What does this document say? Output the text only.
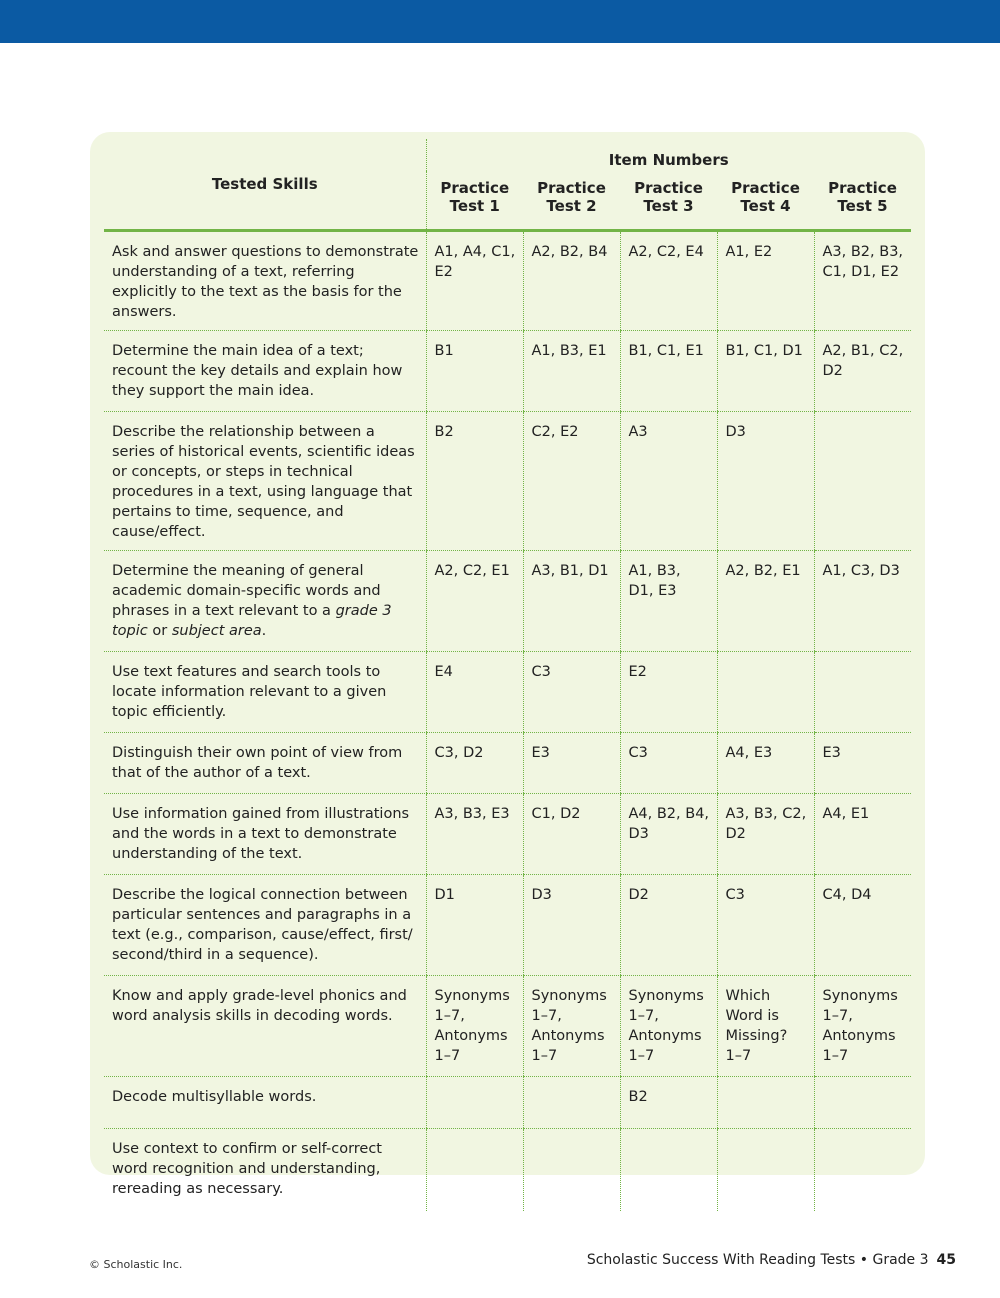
Tested Skills	Item Numbers				
	Practice Test 1	Practice Test 2	Practice Test 3	Practice Test 4	Practice Test 5
Ask and answer questions to demonstrate understanding of a text, referring explicitly to the text as the basis for the answers.	A1, A4, C1, E2	A2, B2, B4	A2, C2, E4	A1, E2	A3, B2, B3, C1, D1, E2
Determine the main idea of a text; recount the key details and explain how they support the main idea.	B1	A1, B3, E1	B1, C1, E1	B1, C1, D1	A2, B1, C2, D2
Describe the relationship between a series of historical events, scientific ideas or concepts, or steps in technical procedures in a text, using language that pertains to time, sequence, and cause/effect.	B2	C2, E2	A3	D3	
Determine the meaning of general academic domain-specific words and phrases in a text relevant to a grade 3 topic or subject area.	A2, C2, E1	A3, B1, D1	A1, B3, D1, E3	A2, B2, E1	A1, C3, D3
Use text features and search tools to locate information relevant to a given topic efficiently.	E4	C3	E2		
Distinguish their own point of view from that of the author of a text.	C3, D2	E3	C3	A4, E3	E3
Use information gained from illustrations and the words in a text to demonstrate understanding of the text.	A3, B3, E3	C1, D2	A4, B2, B4, D3	A3, B3, C2, D2	A4, E1
Describe the logical connection between particular sentences and paragraphs in a text (e.g., comparison, cause/effect, first/ second/third in a sequence).	D1	D3	D2	C3	C4, D4
Know and apply grade-level phonics and word analysis skills in decoding words.	Synonyms 1–7, Antonyms 1–7	Synonyms 1–7, Antonyms 1–7	Synonyms 1–7, Antonyms 1–7	Which Word is Missing? 1–7	Synonyms 1–7, Antonyms 1–7
Decode multisyllable words.			B2		
Use context to confirm or self-correct word recognition and understanding, rereading as necessary.					
© Scholastic Inc.	Scholastic Success With Reading Tests • Grade 3 45
